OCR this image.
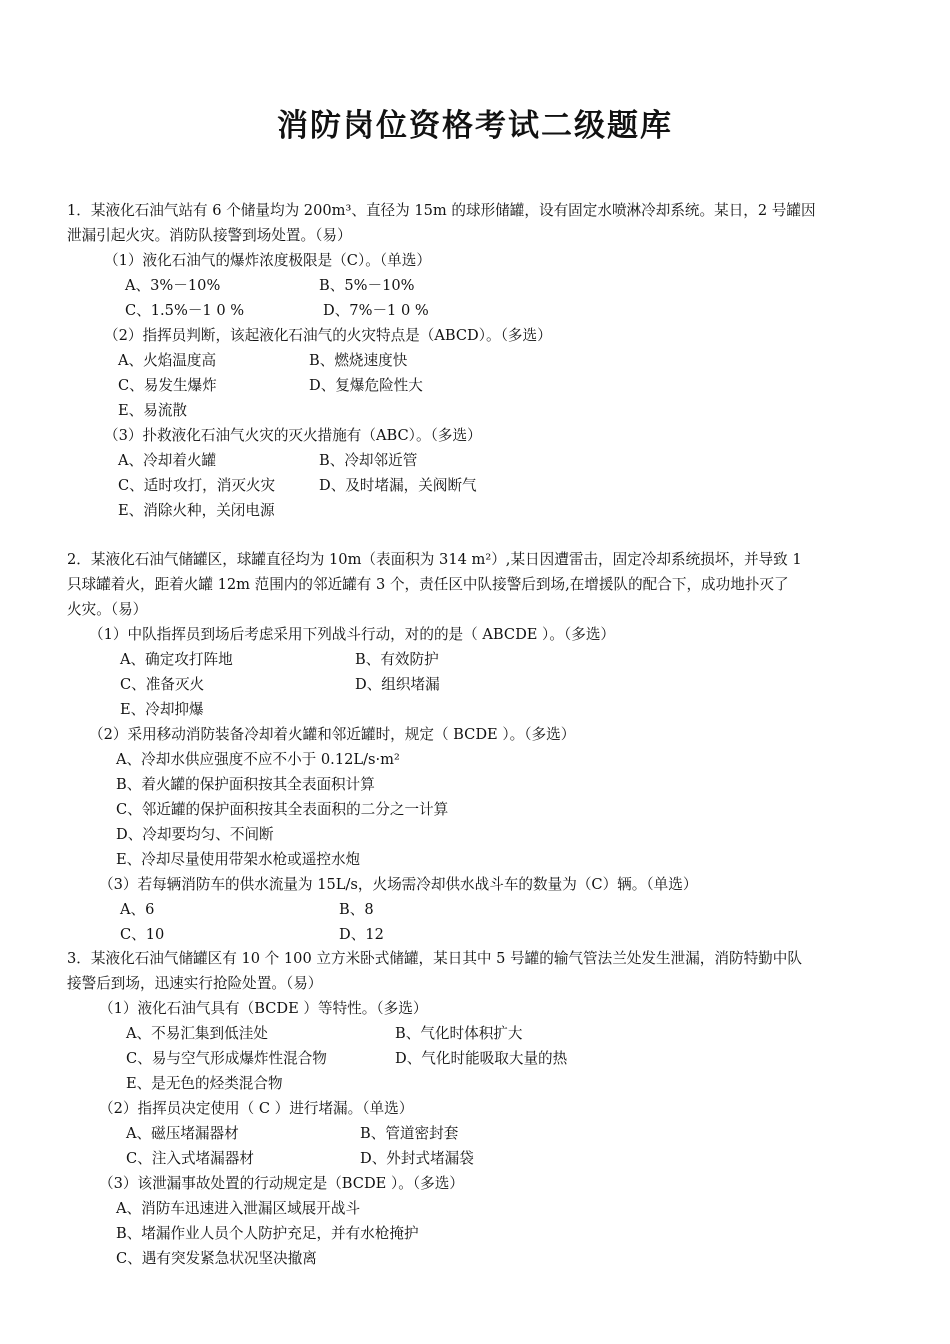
消防岗位资格考试二级题库
1．某液化石油气站有 6 个储量均为 200m³、直径为 15m 的球形储罐，设有固定水喷淋冷却系统。某日，2 号罐因
泄漏引起火灾。消防队接警到场处置。（易）
（1）液化石油气的爆炸浓度极限是（C）。（单选）
A、3%－10%	B、5%－10%
C、1.5%－1 0 %	D、7%－1 0 %
（2）指挥员判断，该起液化石油气的火灾特点是（ABCD）。（多选）
A、火焰温度高	B、燃烧速度快
C、易发生爆炸	D、复爆危险性大
E、易流散
（3）扑救液化石油气火灾的灭火措施有（ABC）。（多选）
A、冷却着火罐	B、冷却邻近管
C、适时攻打，消灭火灾	D、及时堵漏，关阀断气
E、消除火种，关闭电源
2．某液化石油气储罐区，球罐直径均为 10m（表面积为 314 m²）,某日因遭雷击，固定冷却系统损坏，并导致 1
只球罐着火，距着火罐 12m 范围内的邻近罐有 3 个，责任区中队接警后到场,在增援队的配合下，成功地扑灭了
火灾。（易）
（1）中队指挥员到场后考虑采用下列战斗行动，对的的是（ ABCDE ）。（多选）
A、确定攻打阵地	B、有效防护
C、准备灭火	D、组织堵漏
E、冷却抑爆
（2）采用移动消防装备冷却着火罐和邻近罐时，规定（ BCDE ）。（多选）
A、冷却水供应强度不应不小于 0.12L/s·m²
B、着火罐的保护面积按其全表面积计算
C、邻近罐的保护面积按其全表面积的二分之一计算
D、冷却要均匀、不间断
E、冷却尽量使用带架水枪或遥控水炮
（3）若每辆消防车的供水流量为 15L/s，火场需冷却供水战斗车的数量为（C）辆。（单选）
A、6	B、8
C、10	D、12
3．某液化石油气储罐区有 10 个 100 立方米卧式储罐，某日其中 5 号罐的输气管法兰处发生泄漏，消防特勤中队
接警后到场，迅速实行抢险处置。（易）
（1）液化石油气具有（BCDE ）等特性。（多选）
A、不易汇集到低洼处	B、气化时体积扩大
C、易与空气形成爆炸性混合物	D、气化时能吸取大量的热
E、是无色的烃类混合物
（2）指挥员决定使用（ C ）进行堵漏。（单选）
A、磁压堵漏器材	B、管道密封套
C、注入式堵漏器材	D、外封式堵漏袋
（3）该泄漏事故处置的行动规定是（BCDE ）。（多选）
A、消防车迅速进入泄漏区域展开战斗
B、堵漏作业人员个人防护充足，并有水枪掩护
C、遇有突发紧急状况坚决撤离
